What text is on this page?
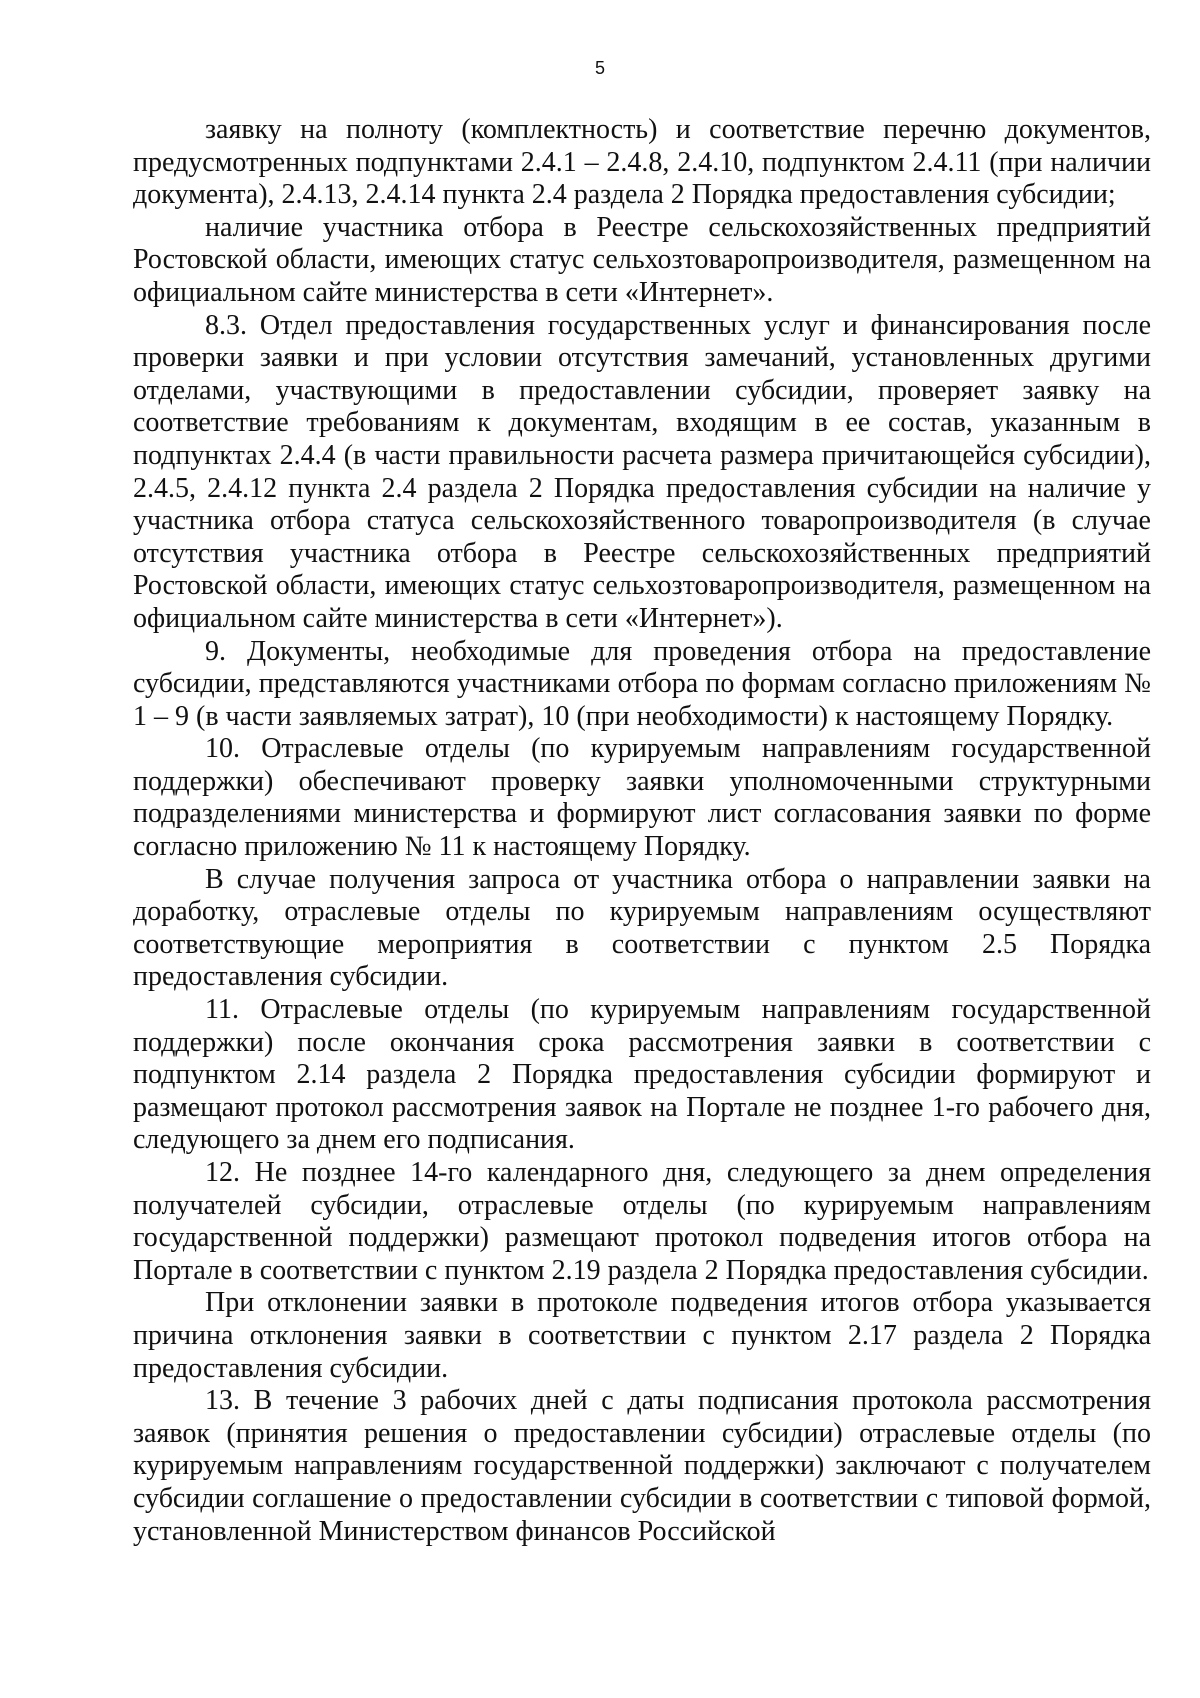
5

заявку на полноту (комплектность) и соответствие перечню документов, предусмотренных подпунктами 2.4.1 – 2.4.8, 2.4.10, подпунктом 2.4.11 (при наличии документа), 2.4.13, 2.4.14 пункта 2.4 раздела 2 Порядка предоставления субсидии;

наличие участника отбора в Реестре сельскохозяйственных предприятий Ростовской области, имеющих статус сельхозтоваропроизводителя, размещенном на официальном сайте министерства в сети «Интернет».

8.3. Отдел предоставления государственных услуг и финансирования после проверки заявки и при условии отсутствия замечаний, установленных другими отделами, участвующими в предоставлении субсидии, проверяет заявку на соответствие требованиям к документам, входящим в ее состав, указанным в подпунктах 2.4.4 (в части правильности расчета размера причитающейся субсидии), 2.4.5, 2.4.12 пункта 2.4 раздела 2 Порядка предоставления субсидии на наличие у участника отбора статуса сельскохозяйственного товаропроизводителя (в случае отсутствия участника отбора в Реестре сельскохозяйственных предприятий Ростовской области, имеющих статус сельхозтоваропроизводителя, размещенном на официальном сайте министерства в сети «Интернет»).

9. Документы, необходимые для проведения отбора на предоставление субсидии, представляются участниками отбора по формам согласно приложениям № 1 – 9 (в части заявляемых затрат), 10 (при необходимости) к настоящему Порядку.

10. Отраслевые отделы (по курируемым направлениям государственной поддержки) обеспечивают проверку заявки уполномоченными структурными подразделениями министерства и формируют лист согласования заявки по форме согласно приложению № 11 к настоящему Порядку.

В случае получения запроса от участника отбора о направлении заявки на доработку, отраслевые отделы по курируемым направлениям осуществляют соответствующие мероприятия в соответствии с пунктом 2.5 Порядка предоставления субсидии.

11. Отраслевые отделы (по курируемым направлениям государственной поддержки) после окончания срока рассмотрения заявки в соответствии с подпунктом 2.14 раздела 2 Порядка предоставления субсидии формируют и размещают протокол рассмотрения заявок на Портале не позднее 1-го рабочего дня, следующего за днем его подписания.

12. Не позднее 14-го календарного дня, следующего за днем определения получателей субсидии, отраслевые отделы (по курируемым направлениям государственной поддержки) размещают протокол подведения итогов отбора на Портале в соответствии с пунктом 2.19 раздела 2 Порядка предоставления субсидии.

При отклонении заявки в протоколе подведения итогов отбора указывается причина отклонения заявки в соответствии с пунктом 2.17 раздела 2 Порядка предоставления субсидии.

13. В течение 3 рабочих дней с даты подписания протокола рассмотрения заявок (принятия решения о предоставлении субсидии) отраслевые отделы (по курируемым направлениям государственной поддержки) заключают с получателем субсидии соглашение о предоставлении субсидии в соответствии с типовой формой, установленной Министерством финансов Российской
